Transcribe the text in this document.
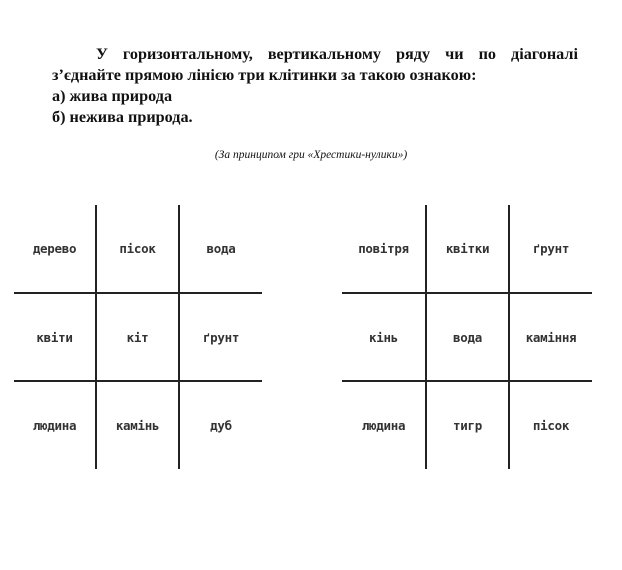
У горизонтальному, вертикальному ряду чи по діагоналі
з’єднайте прямою лінією три клітинки за такою ознакою:
а) жива природа
б) нежива природа.
(За принципом гри «Хрестики-нулики»)
дерево	пісок	вода
квіти	кіт	ґрунт
людина	камінь	дуб
повітря	квітки	ґрунт
кінь	вода	каміння
людина	тигр	пісок
